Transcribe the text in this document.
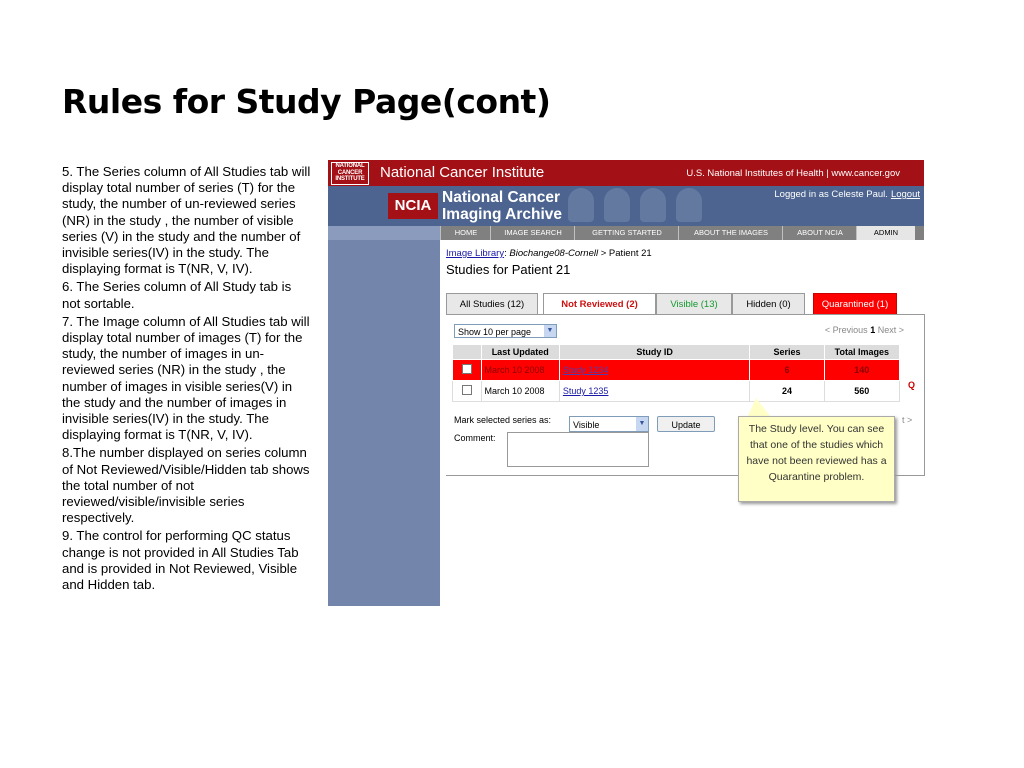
Rules for Study Page(cont)

5. The Series column of All Studies tab will display total number of series (T) for the study, the number of un-reviewed series (NR) in the study , the number of visible series (V) in the study and the number of invisible series(IV) in the study. The displaying format is T(NR, V, IV).

6. The Series column of All Study tab is not sortable.

7. The Image column of All Studies tab will display total number of images (T) for the study, the number of images in un-reviewed series (NR) in the study , the number of images in visible series(V) in the study and the number of images in invisible series(IV) in the study. The displaying format is T(NR, V, IV).

8.The number displayed on series column of Not Reviewed/Visible/Hidden tab shows the total number of not reviewed/visible/invisible series respectively.

9. The control for performing QC status change is not provided in All Studies Tab and is provided in Not Reviewed, Visible and Hidden tab.

NATIONAL CANCER INSTITUTE National Cancer Institute	U.S. National Institutes of Health | www.cancer.gov
NCIA National Cancer
Imaging Archive
Logged in as Celeste Paul. Logout
HOME	IMAGE SEARCH	GETTING STARTED	ABOUT THE IMAGES	ABOUT NCIA	ADMIN
Image Library: Biochange08-Cornell > Patient 21
Studies for Patient 21
All Studies (12)	Not Reviewed (2)	Visible (13)	Hidden (0)	Quarantined (1)
Show 10 per page	▼	< Previous 1 Next >
	Last Updated	Study ID	Series	Total Images
	March 10 2008	Study 1234	6	140
	March 10 2008	Study 1235	24	560
Q
Mark selected series as:	Visible	▼	Update
Comment:
t >
The Study level. You can see that one of the studies which have not been reviewed has a Quarantine problem.
